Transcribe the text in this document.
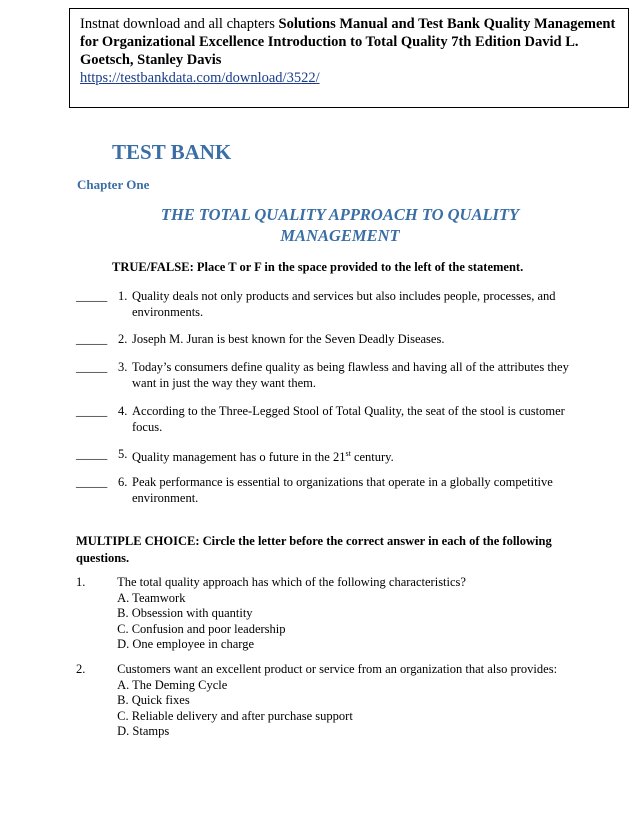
Instnat download and all chapters Solutions Manual and Test Bank Quality Management for Organizational Excellence Introduction to Total Quality 7th Edition David L. Goetsch, Stanley Davis
https://testbankdata.com/download/3522/
TEST BANK
Chapter One
THE TOTAL QUALITY APPROACH TO QUALITY MANAGEMENT
TRUE/FALSE: Place T or F in the space provided to the left of the statement.
_____ 1. Quality deals not only products and services but also includes people, processes, and environments.
_____ 2. Joseph M. Juran is best known for the Seven Deadly Diseases.
_____ 3. Today’s consumers define quality as being flawless and having all of the attributes they want in just the way they want them.
_____ 4. According to the Three-Legged Stool of Total Quality, the seat of the stool is customer focus.
_____ 5. Quality management has o future in the 21st century.
_____ 6. Peak performance is essential to organizations that operate in a globally competitive environment.
MULTIPLE CHOICE: Circle the letter before the correct answer in each of the following questions.
1.	The total quality approach has which of the following characteristics?
A. Teamwork
B. Obsession with quantity
C. Confusion and poor leadership
D. One employee in charge
2.	Customers want an excellent product or service from an organization that also provides:
A. The Deming Cycle
B. Quick fixes
C. Reliable delivery and after purchase support
D. Stamps
